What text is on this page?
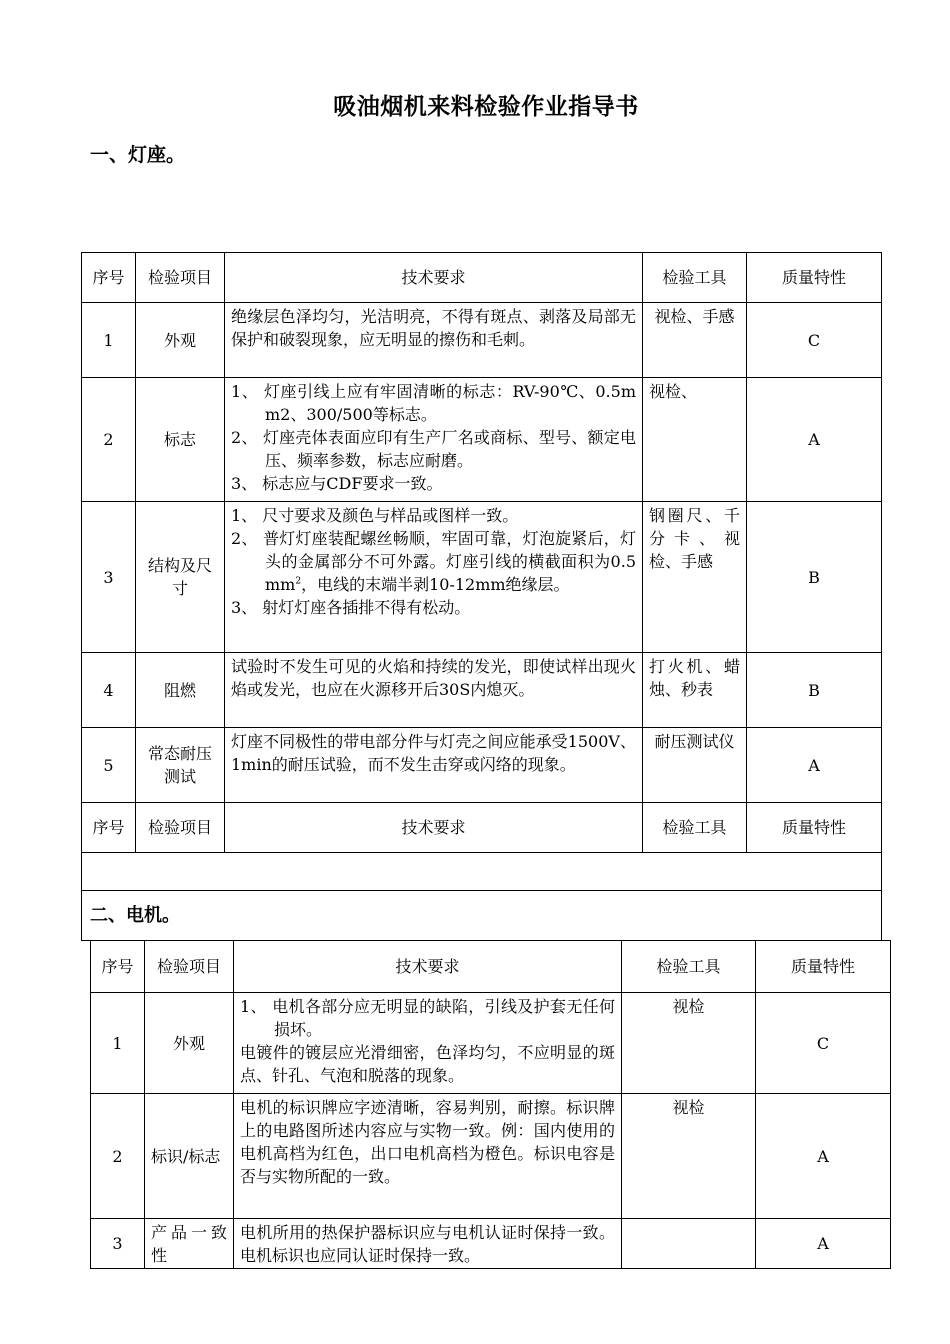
吸油烟机来料检验作业指导书
一、灯座。
序号	检验项目	技术要求	检验工具	质量特性
1	外观	绝缘层色泽均匀，光洁明亮，不得有斑点、剥落及局部无保护和破裂现象，应无明显的擦伤和毛刺。	视检、手感	C
2	标志	1、 灯座引线上应有牢固清晰的标志：RV-90℃、0.5mm2、300/500等标志。
2、 灯座壳体表面应印有生产厂名或商标、型号、额定电压、频率参数，标志应耐磨。
3、 标志应与CDF要求一致。	视检、	A
3	结构及尺寸	1、 尺寸要求及颜色与样品或图样一致。
2、 普灯灯座装配螺丝畅顺，牢固可靠，灯泡旋紧后，灯头的金属部分不可外露。灯座引线的横截面积为$0.5mm^2$，电线的末端半剥10-12mm绝缘层。
3、 射灯灯座各插排不得有松动。	钢圈尺、千分卡、视检、手感	B
4	阻燃	试验时不发生可见的火焰和持续的发光，即使试样出现火焰或发光，也应在火源移开后30S内熄灭。	打火机、蜡烛、秒表	B
5	常态耐压测试	灯座不同极性的带电部分件与灯壳之间应能承受1500V、1min的耐压试验，而不发生击穿或闪络的现象。	耐压测试仪	A
序号	检验项目	技术要求	检验工具	质量特性

二、电机。				
序号	检验项目	技术要求	检验工具	质量特性
1	外观	1、 电机各部分应无明显的缺陷，引线及护套无任何损坏。
电镀件的镀层应光滑细密，色泽均匀，不应明显的斑点、针孔、气泡和脱落的现象。	视检	C
2	标识/标志	电机的标识牌应字迹清晰，容易判别，耐擦。标识牌上的电路图所述内容应与实物一致。例：国内使用的电机高档为红色，出口电机高档为橙色。标识电容是否与实物所配的一致。	视检	A
3	产品一致性	电机所用的热保护器标识应与电机认证时保持一致。电机标识也应同认证时保持一致。		A
